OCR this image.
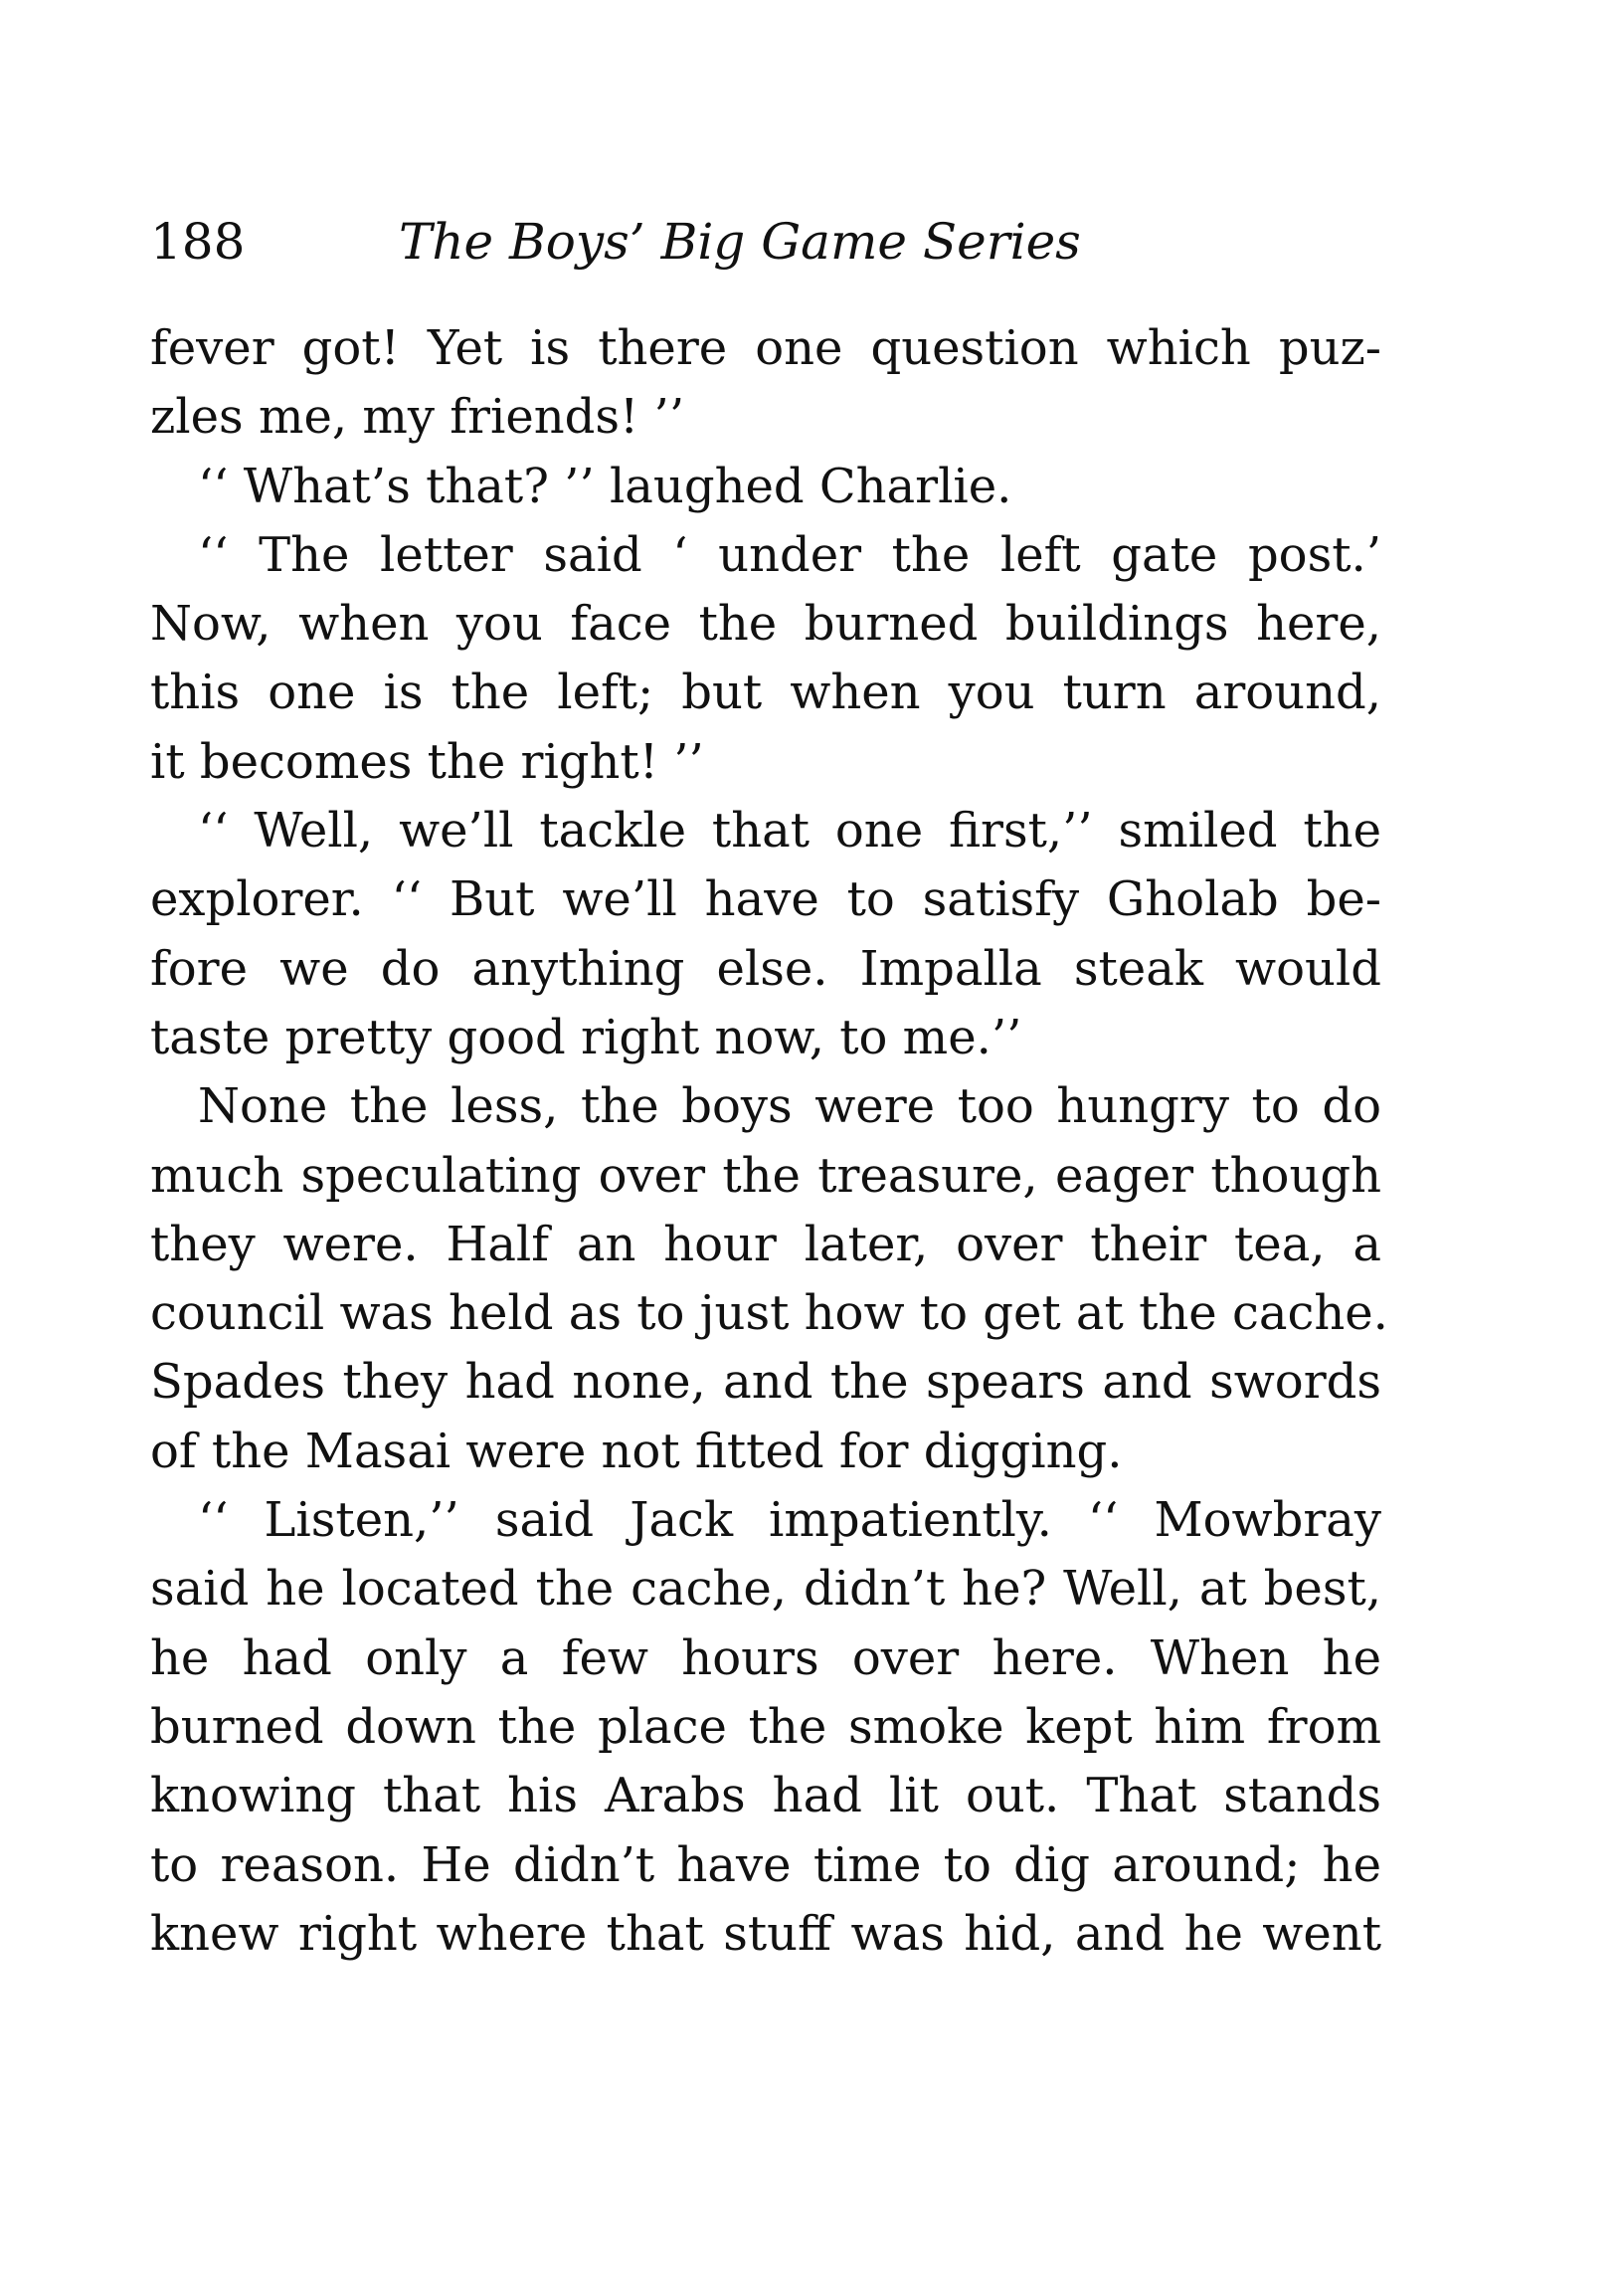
188	The Boys’ Big Game Series
fever got! Yet is there one question which puz-
zles me, my friends! ’’
‘‘ What’s that? ’’ laughed Charlie.
‘‘ The letter said ‘ under the left gate post.’
Now, when you face the burned buildings here,
this one is the left; but when you turn around,
it becomes the right! ’’
‘‘ Well, we’ll tackle that one first,’’ smiled the
explorer. ‘‘ But we’ll have to satisfy Gholab be-
fore we do anything else. Impalla steak would
taste pretty good right now, to me.’’
None the less, the boys were too hungry to do
much speculating over the treasure, eager though
they were. Half an hour later, over their tea, a
council was held as to just how to get at the cache.
Spades they had none, and the spears and swords
of the Masai were not fitted for digging.
‘‘ Listen,’’ said Jack impatiently. ‘‘ Mowbray
said he located the cache, didn’t he? Well, at best,
he had only a few hours over here. When he
burned down the place the smoke kept him from
knowing that his Arabs had lit out. That stands
to reason. He didn’t have time to dig around; he
knew right where that stuff was hid, and he went
